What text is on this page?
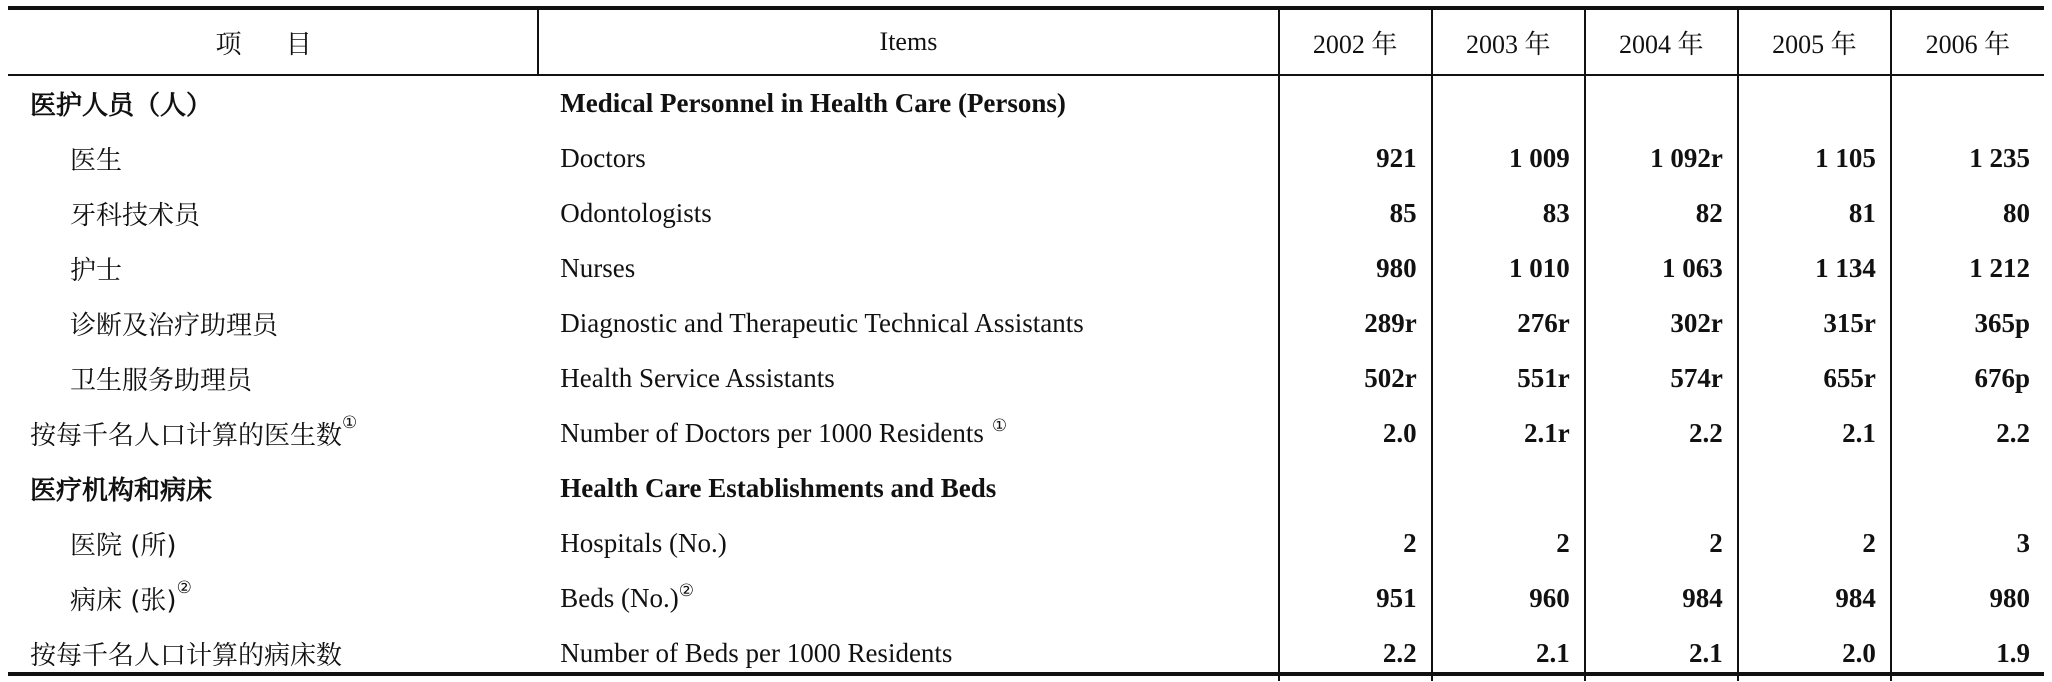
项 目	Items	2002 年	2003 年	2004 年	2005 年	2006 年
医护人员（人）	Medical Personnel in Health Care (Persons)					
医生	Doctors	921	1 009	1 092r	1 105	1 235
牙科技术员	Odontologists	85	83	82	81	80
护士	Nurses	980	1 010	1 063	1 134	1 212
诊断及治疗助理员	Diagnostic and Therapeutic Technical Assistants	289r	276r	302r	315r	365p
卫生服务助理员	Health Service Assistants	502r	551r	574r	655r	676p
按每千名人口计算的医生数①	Number of Doctors per 1000 Residents ①	2.0	2.1r	2.2	2.1	2.2
医疗机构和病床	Health Care Establishments and Beds					
医院 (所)	Hospitals (No.)	2	2	2	2	3
病床 (张)②	Beds (No.)②	951	960	984	984	980
按每千名人口计算的病床数	Number of Beds per 1000 Residents	2.2	2.1	2.1	2.0	1.9
